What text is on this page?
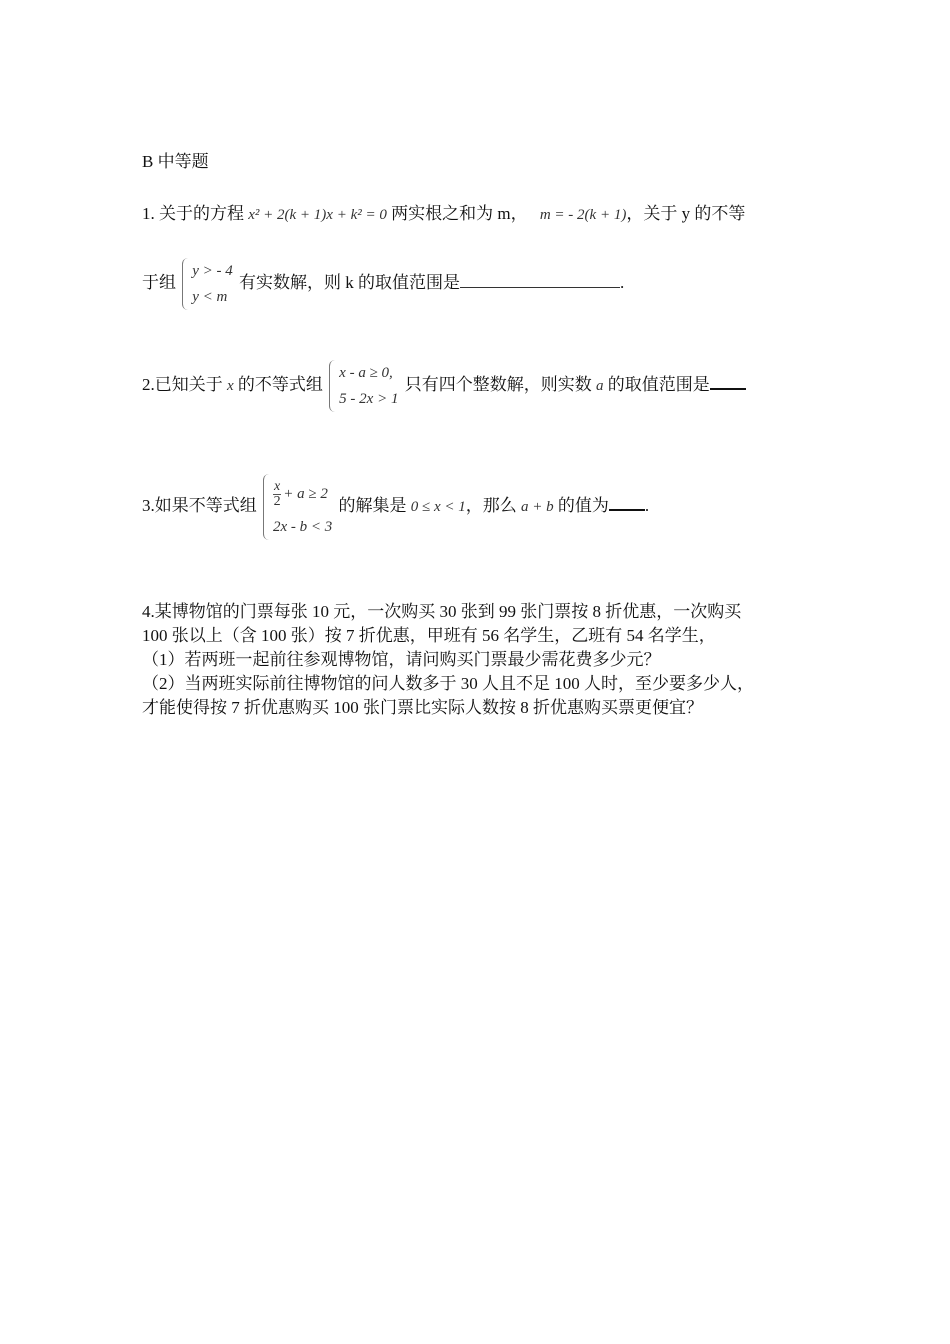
B 中等题
1. 关于的方程 x² + 2(k + 1)x + k² = 0 两实根之和为 m， m = - 2(k + 1)，关于 y 的不等
于组
y > - 4
y < m
有实数解，则 k 的取值范围是	.
2.已知关于 x 的不等式组
x - a ≥ 0,
5 - 2x > 1
只有四个整数解，则实数 a 的取值范围是
3.如果不等式组 $\frac{x}{2} + a \ge 2$
2x - b < 3
的解集是 0 ≤ x < 1，那么 a + b 的值为 .
4.某博物馆的门票每张 10 元，一次购买 30 张到 99 张门票按 8 折优惠，一次购买
100 张以上（含 100 张）按 7 折优惠，甲班有 56 名学生，乙班有 54 名学生，
（1）若两班一起前往参观博物馆，请问购买门票最少需花费多少元？
（2）当两班实际前往博物馆的问人数多于 30 人且不足 100 人时，至少要多少人，
才能使得按 7 折优惠购买 100 张门票比实际人数按 8 折优惠购买票更便宜？
